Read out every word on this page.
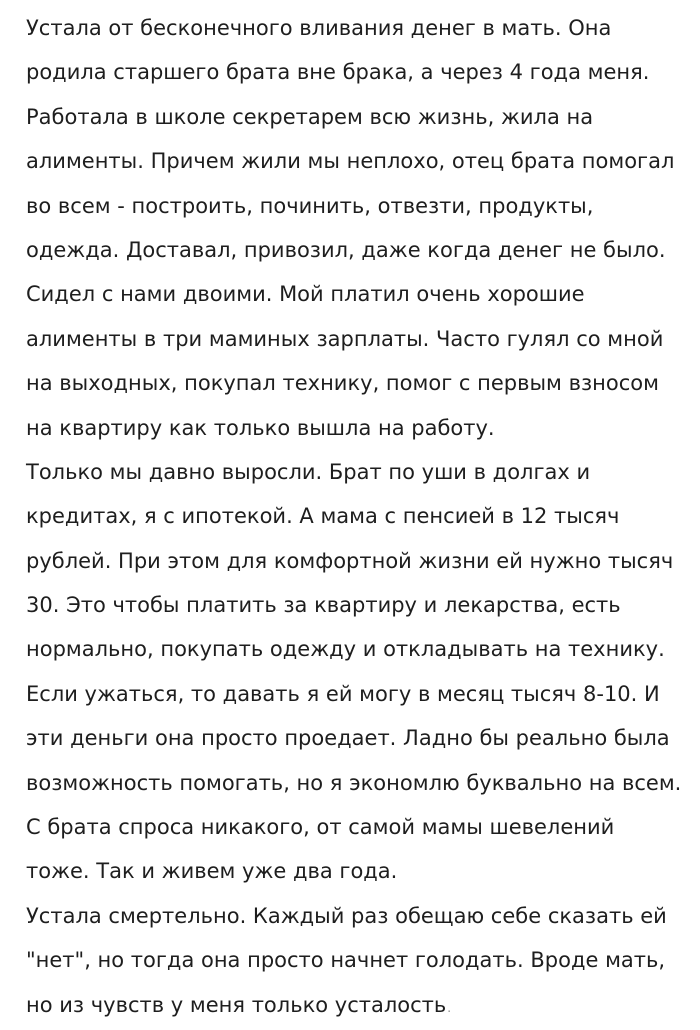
Устала от бесконечного вливания денег в мать. Она
родила старшего брата вне брака, а через 4 года меня.
Работала в школе секретарем всю жизнь, жила на
алименты. Причем жили мы неплохо, отец брата помогал
во всем - построить, починить, отвезти, продукты,
одежда. Доставал, привозил, даже когда денег не было.
Сидел с нами двоими. Мой платил очень хорошие
алименты в три маминых зарплаты. Часто гулял со мной
на выходных, покупал технику, помог с первым взносом
на квартиру как только вышла на работу.
Только мы давно выросли. Брат по уши в долгах и
кредитах, я с ипотекой. А мама с пенсией в 12 тысяч
рублей. При этом для комфортной жизни ей нужно тысяч
30. Это чтобы платить за квартиру и лекарства, есть
нормально, покупать одежду и откладывать на технику.
Если ужаться, то давать я ей могу в месяц тысяч 8-10. И
эти деньги она просто проедает. Ладно бы реально была
возможность помогать, но я экономлю буквально на всем.
С брата спроса никакого, от самой мамы шевелений
тоже. Так и живем уже два года.
Устала смертельно. Каждый раз обещаю себе сказать ей
"нет", но тогда она просто начнет голодать. Вроде мать,
но из чувств у меня только усталость.
